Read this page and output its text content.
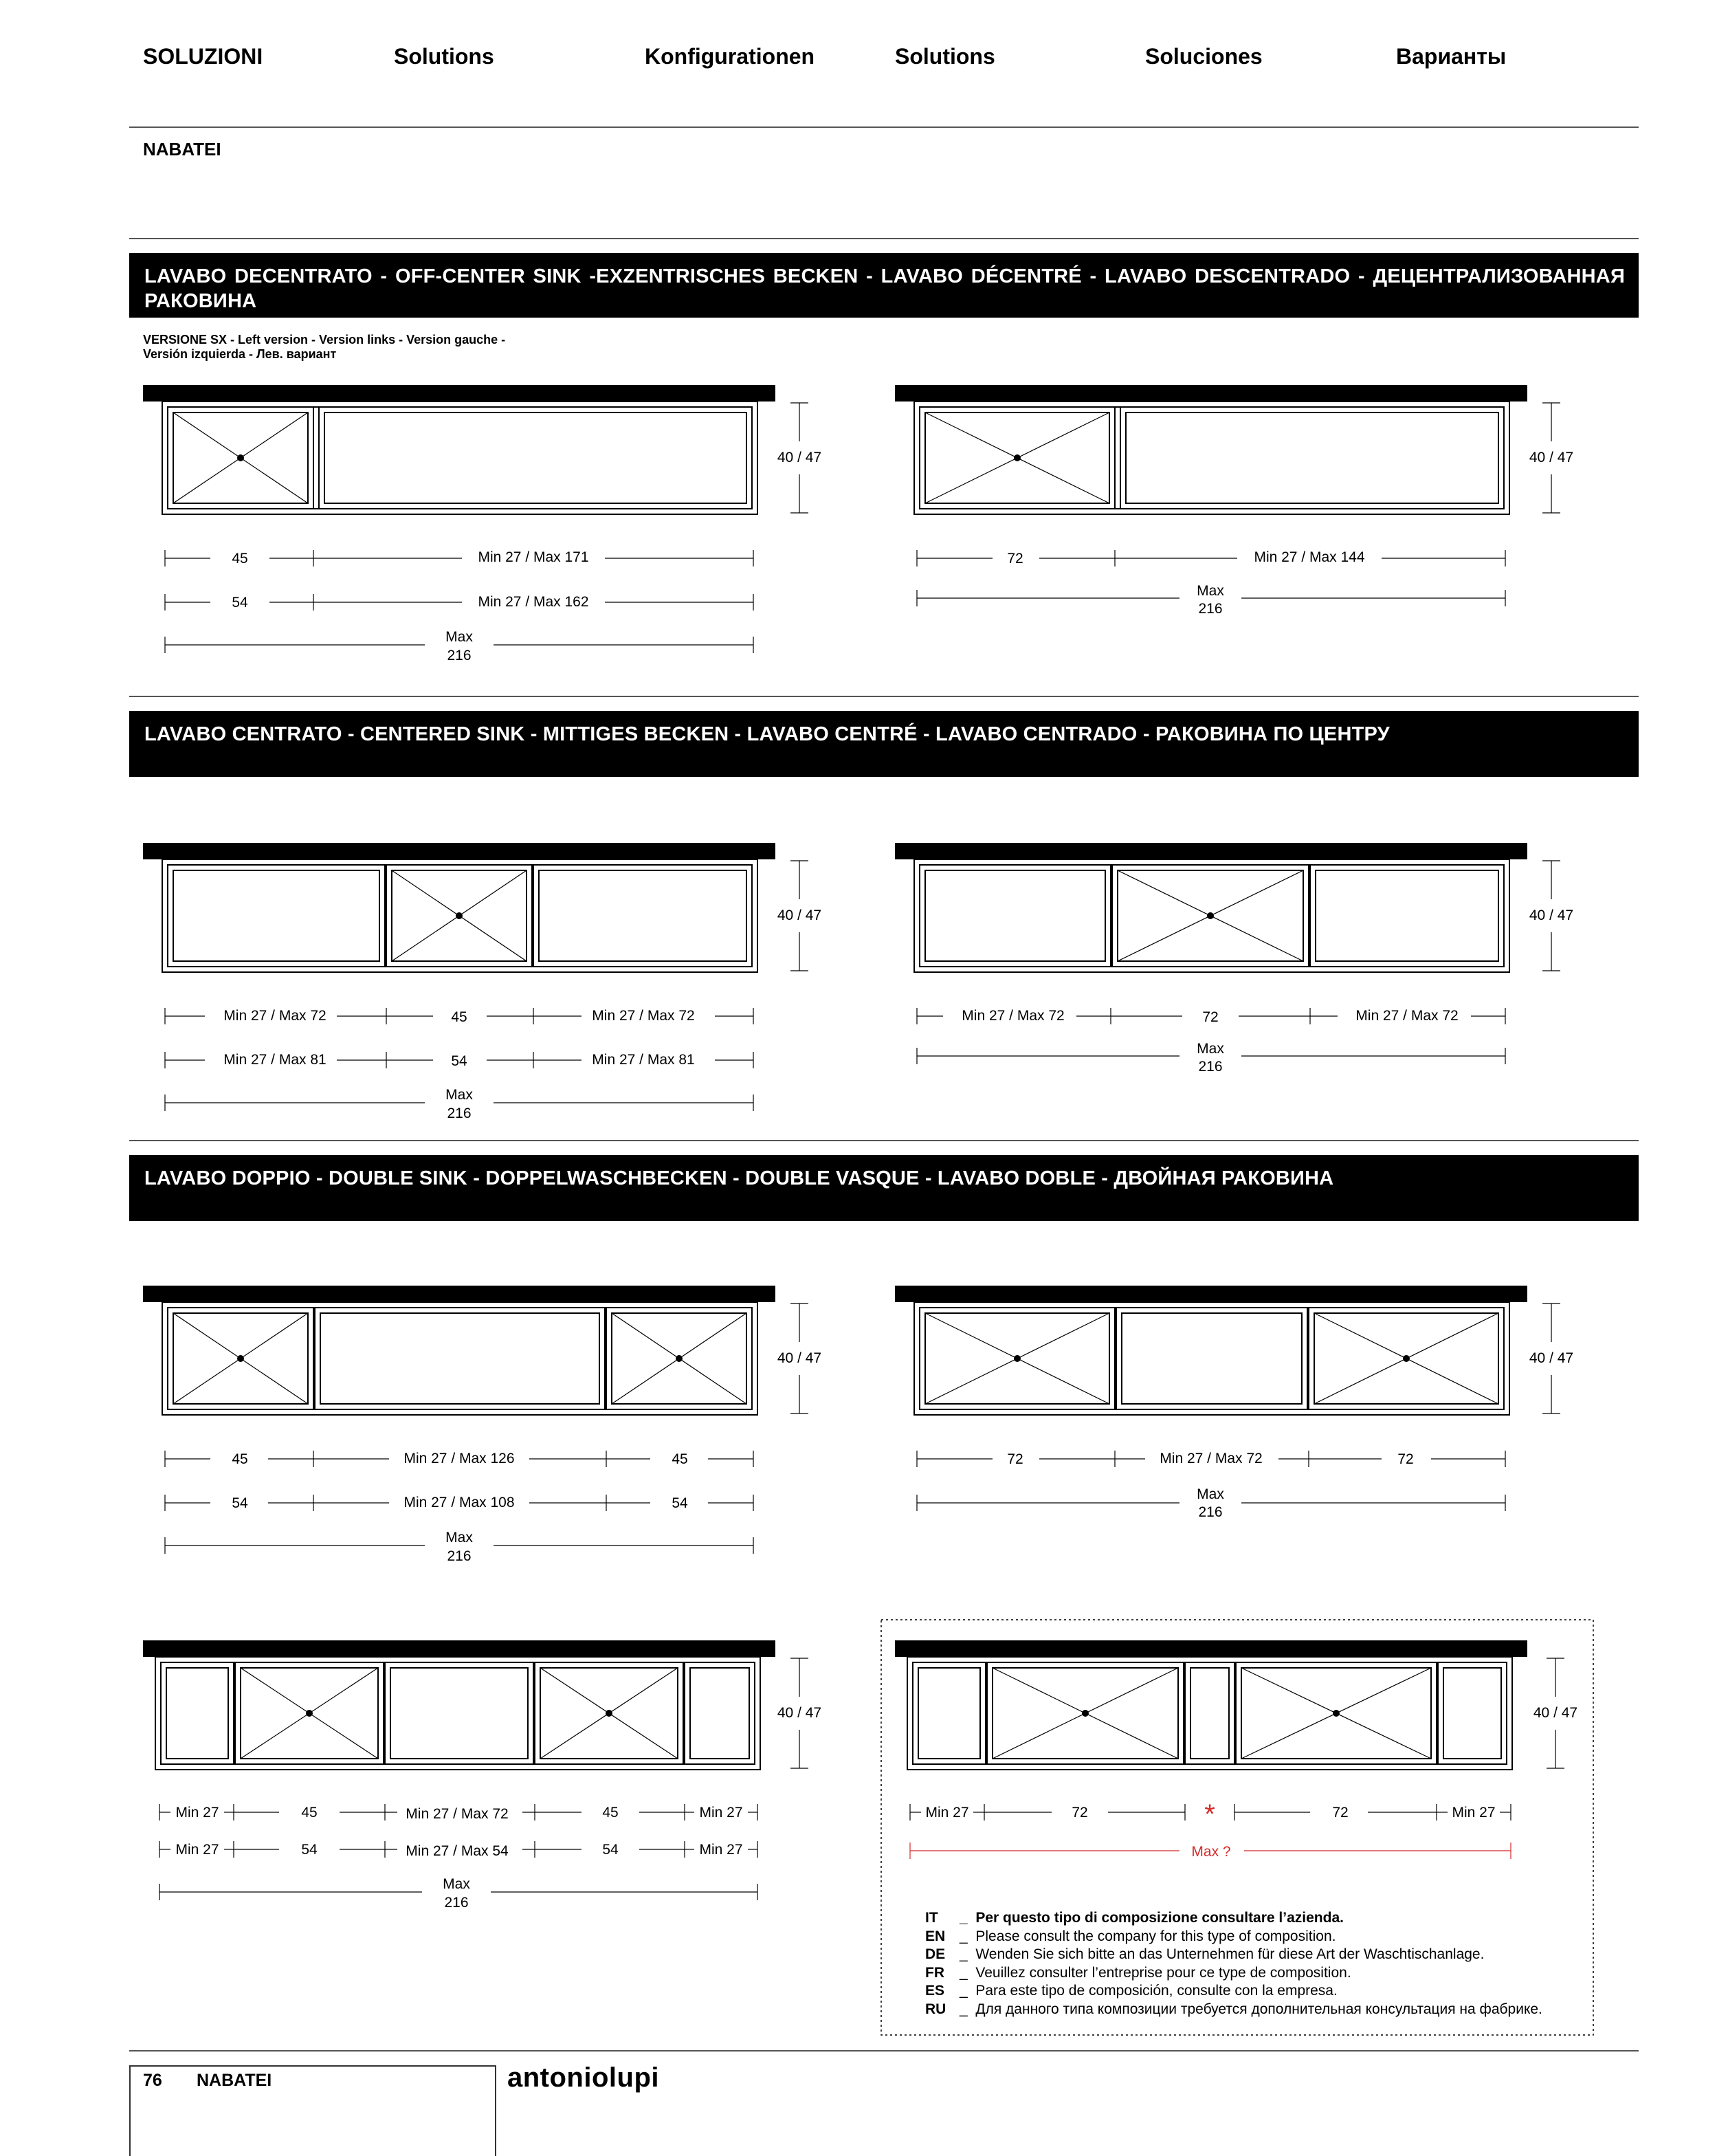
SOLUZIONI	Solutions	Konfigurationen	Solutions	Soluciones	Варианты
NABATEI
LAVABO DECENTRATO - OFF-CENTER SINK -EXZENTRISCHES BECKEN - LAVABO DÉCENTRÉ - LAVABO DESCENTRADO - ДЕЦЕНТРАЛИЗОВАННАЯ РАКОВИНА
VERSIONE SX - Left version - Version links - Version gauche - Versión izquierda - Лев. вариант
LAVABO CENTRATO - CENTERED SINK - MITTIGES BECKEN - LAVABO CENTRÉ - LAVABO CENTRADO - РАКОВИНА ПО ЦЕНТРУ
LAVABO DOPPIO - DOUBLE SINK - DOPPELWASCHBECKEN - DOUBLE VASQUE - LAVABO DOBLE - ДВОЙНАЯ РАКОВИНА
40 / 47
45	Min 27 / Max 171
54	Min 27 / Max 162
Max
216
40 / 47
72	Min 27 / Max 144
Max
216
40 / 47
Min 27 / Max 72	45	Min 27 / Max 72
Min 27 / Max 81	54	Min 27 / Max 81
Max
216
40 / 47
Min 27 / Max 72	72	Min 27 / Max 72
Max
216
40 / 47
45	Min 27 / Max 126	45
54	Min 27 / Max 108	54
Max
216
40 / 47
72	Min 27 / Max 72	72
Max
216
40 / 47
Min 27	45	Min 27 / Max 72	45	Min 27
Min 27	54	Min 27 / Max 54	54	Min 27
Max
216
40 / 47
Min 27	72	*	72	Min 27
Max ?
IT _  Per questo tipo di composizione consultare l’azienda.
EN _  Please consult the company for this type of composition.
DE _  Wenden Sie sich bitte an das Unternehmen für diese Art der Waschtischanlage.
FR _  Veuillez consulter l’entreprise pour ce type de composition.
ES _  Para este tipo de composición, consulte con la empresa.
RU _  Для данного типа композиции требуется дополнительная консультация на фабрике.
76 NABATEI	antoniolupi
